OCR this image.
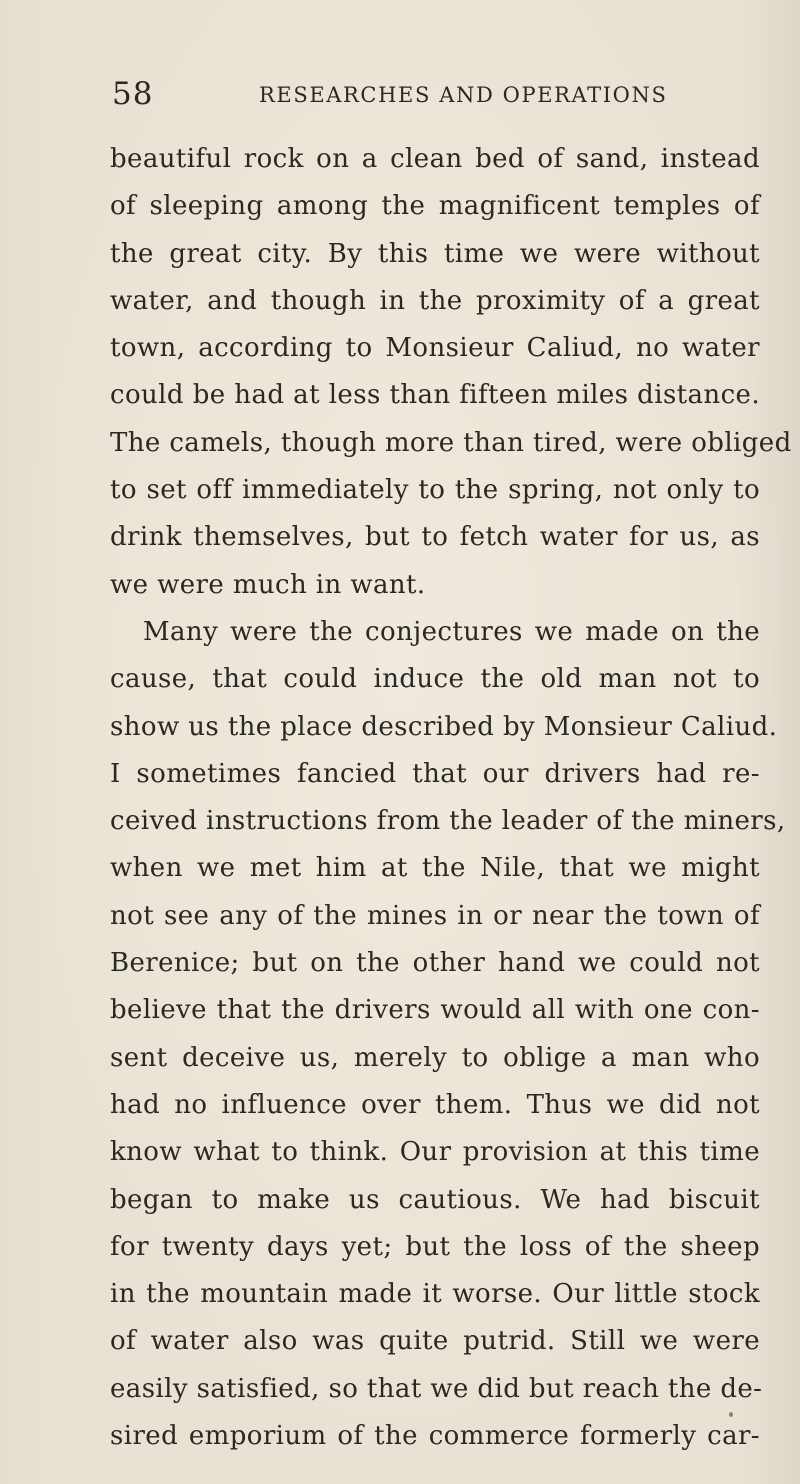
58	RESEARCHES AND OPERATIONS
beautiful rock on a clean bed of sand, instead
of sleeping among the magnificent temples of
the great city. By this time we were without
water, and though in the proximity of a great
town, according to Monsieur Caliud, no water
could be had at less than fifteen miles distance.
The camels, though more than tired, were obliged
to set off immediately to the spring, not only to
drink themselves, but to fetch water for us, as
we were much in want.
Many were the conjectures we made on the
cause, that could induce the old man not to
show us the place described by Monsieur Caliud.
I sometimes fancied that our drivers had re-
ceived instructions from the leader of the miners,
when we met him at the Nile, that we might
not see any of the mines in or near the town of
Berenice; but on the other hand we could not
believe that the drivers would all with one con-
sent deceive us, merely to oblige a man who
had no influence over them. Thus we did not
know what to think. Our provision at this time
began to make us cautious. We had biscuit
for twenty days yet; but the loss of the sheep
in the mountain made it worse. Our little stock
of water also was quite putrid. Still we were
easily satisfied, so that we did but reach the de-
sired emporium of the commerce formerly car-
